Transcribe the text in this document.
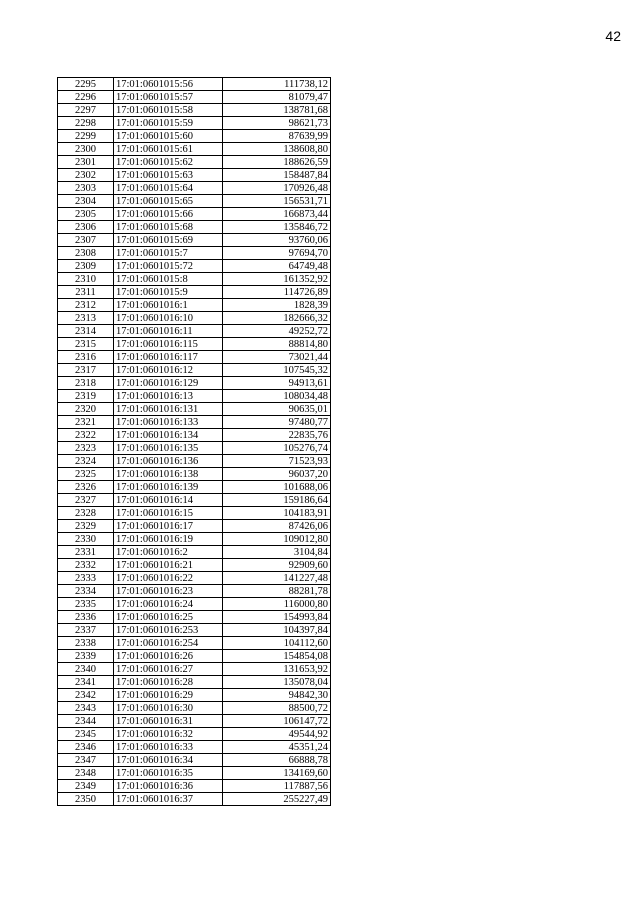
42
2295	17:01:0601015:56	111738,12
2296	17:01:0601015:57	81079,47
2297	17:01:0601015:58	138781,68
2298	17:01:0601015:59	98621,73
2299	17:01:0601015:60	87639,99
2300	17:01:0601015:61	138608,80
2301	17:01:0601015:62	188626,59
2302	17:01:0601015:63	158487,84
2303	17:01:0601015:64	170926,48
2304	17:01:0601015:65	156531,71
2305	17:01:0601015:66	166873,44
2306	17:01:0601015:68	135846,72
2307	17:01:0601015:69	93760,06
2308	17:01:0601015:7	97694,70
2309	17:01:0601015:72	64749,48
2310	17:01:0601015:8	161352,92
2311	17:01:0601015:9	114726,89
2312	17:01:0601016:1	1828,39
2313	17:01:0601016:10	182666,32
2314	17:01:0601016:11	49252,72
2315	17:01:0601016:115	88814,80
2316	17:01:0601016:117	73021,44
2317	17:01:0601016:12	107545,32
2318	17:01:0601016:129	94913,61
2319	17:01:0601016:13	108034,48
2320	17:01:0601016:131	90635,01
2321	17:01:0601016:133	97480,77
2322	17:01:0601016:134	22835,76
2323	17:01:0601016:135	105276,74
2324	17:01:0601016:136	71523,93
2325	17:01:0601016:138	96037,20
2326	17:01:0601016:139	101688,06
2327	17:01:0601016:14	159186,64
2328	17:01:0601016:15	104183,91
2329	17:01:0601016:17	87426,06
2330	17:01:0601016:19	109012,80
2331	17:01:0601016:2	3104,84
2332	17:01:0601016:21	92909,60
2333	17:01:0601016:22	141227,48
2334	17:01:0601016:23	88281,78
2335	17:01:0601016:24	116000,80
2336	17:01:0601016:25	154993,84
2337	17:01:0601016:253	104397,84
2338	17:01:0601016:254	104112,60
2339	17:01:0601016:26	154854,08
2340	17:01:0601016:27	131653,92
2341	17:01:0601016:28	135078,04
2342	17:01:0601016:29	94842,30
2343	17:01:0601016:30	88500,72
2344	17:01:0601016:31	106147,72
2345	17:01:0601016:32	49544,92
2346	17:01:0601016:33	45351,24
2347	17:01:0601016:34	66888,78
2348	17:01:0601016:35	134169,60
2349	17:01:0601016:36	117887,56
2350	17:01:0601016:37	255227,49
